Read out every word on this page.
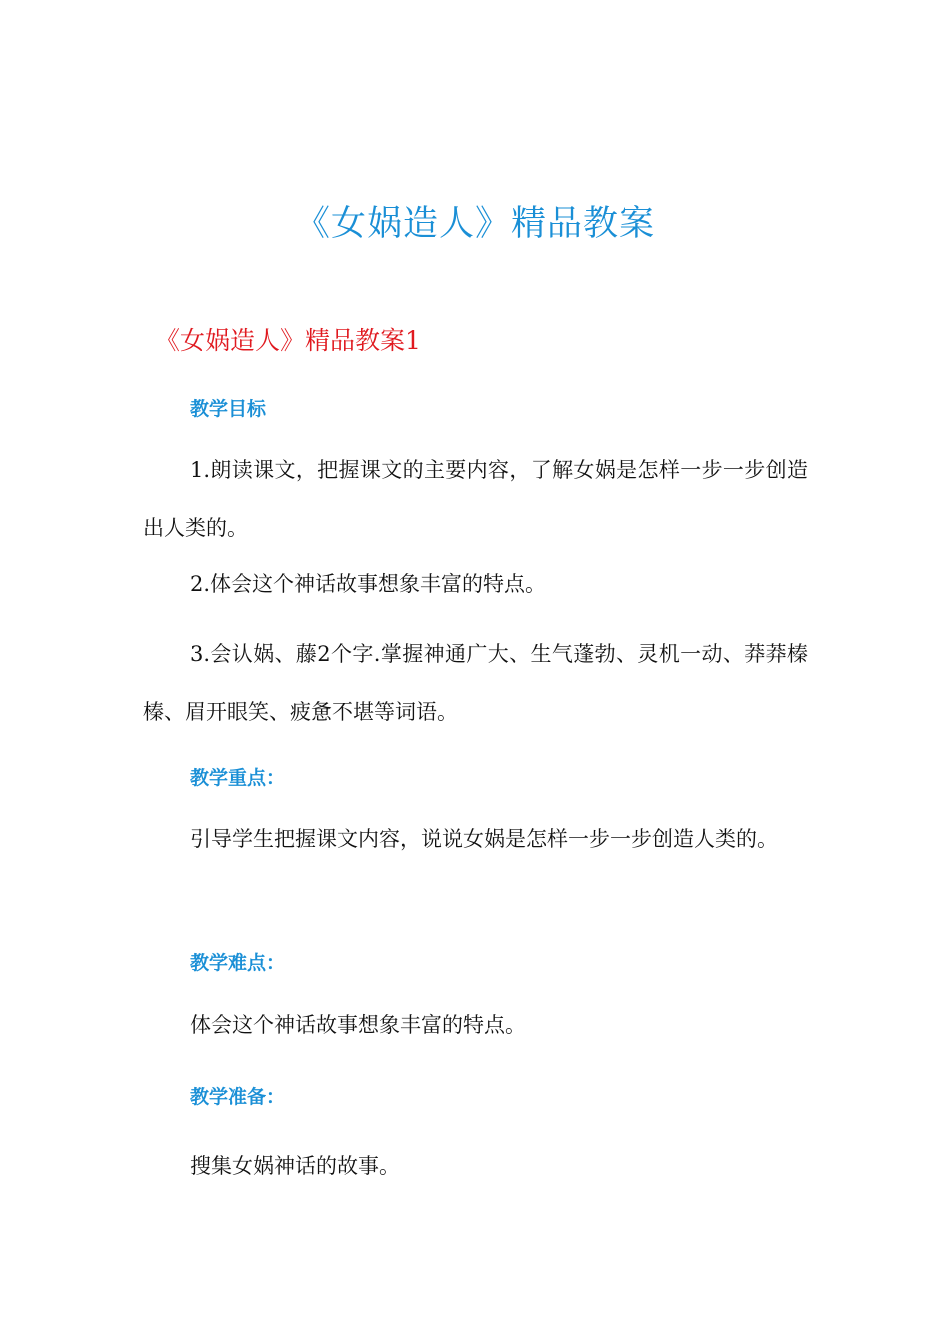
《女娲造人》精品教案
《女娲造人》精品教案1
教学目标

1.朗读课文，把握课文的主要内容，了解女娲是怎样一步一步创造出人类的。

2.体会这个神话故事想象丰富的特点。

3.会认娲、藤2个字.掌握神通广大、生气蓬勃、灵机一动、莽莽榛榛、眉开眼笑、疲惫不堪等词语。

教学重点：

引导学生把握课文内容，说说女娲是怎样一步一步创造人类的。

教学难点：

体会这个神话故事想象丰富的特点。

教学准备：

搜集女娲神话的故事。
